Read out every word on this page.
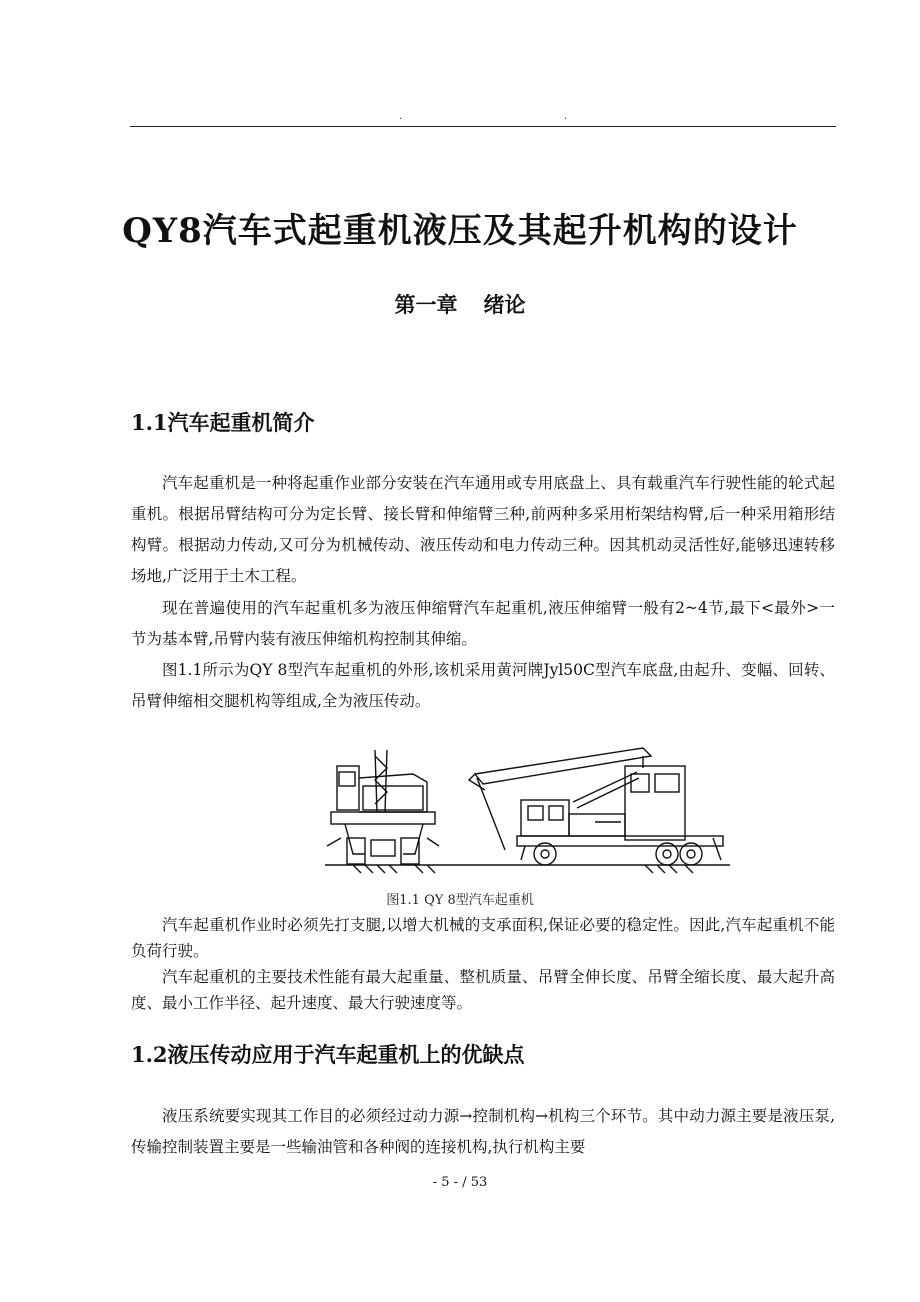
.	.
QY8汽车式起重机液压及其起升机构的设计
第一章 绪论
1.1汽车起重机简介

汽车起重机是一种将起重作业部分安装在汽车通用或专用底盘上、具有载重汽车行驶性能的轮式起重机。根据吊臂结构可分为定长臂、接长臂和伸缩臂三种,前两种多采用桁架结构臂,后一种采用箱形结构臂。根据动力传动,又可分为机械传动、液压传动和电力传动三种。因其机动灵活性好,能够迅速转移场地,广泛用于土木工程。

现在普遍使用的汽车起重机多为液压伸缩臂汽车起重机,液压伸缩臂一般有2~4节,最下<最外>一节为基本臂,吊臂内装有液压伸缩机构控制其伸缩。

图1.1所示为QY 8型汽车起重机的外形,该机采用黄河牌Jyl50C型汽车底盘,由起升、变幅、回转、吊臂伸缩相交腿机构等组成,全为液压传动。

图1.1 QY 8型汽车起重机

汽车起重机作业时必须先打支腿,以增大机械的支承面积,保证必要的稳定性。因此,汽车起重机不能负荷行驶。

汽车起重机的主要技术性能有最大起重量、整机质量、吊臂全伸长度、吊臂全缩长度、最大起升高度、最小工作半径、起升速度、最大行驶速度等。

1.2液压传动应用于汽车起重机上的优缺点

液压系统要实现其工作目的必须经过动力源→控制机构→机构三个环节。其中动力源主要是液压泵,传输控制装置主要是一些输油管和各种阀的连接机构,执行机构主要

- 5 - / 53
